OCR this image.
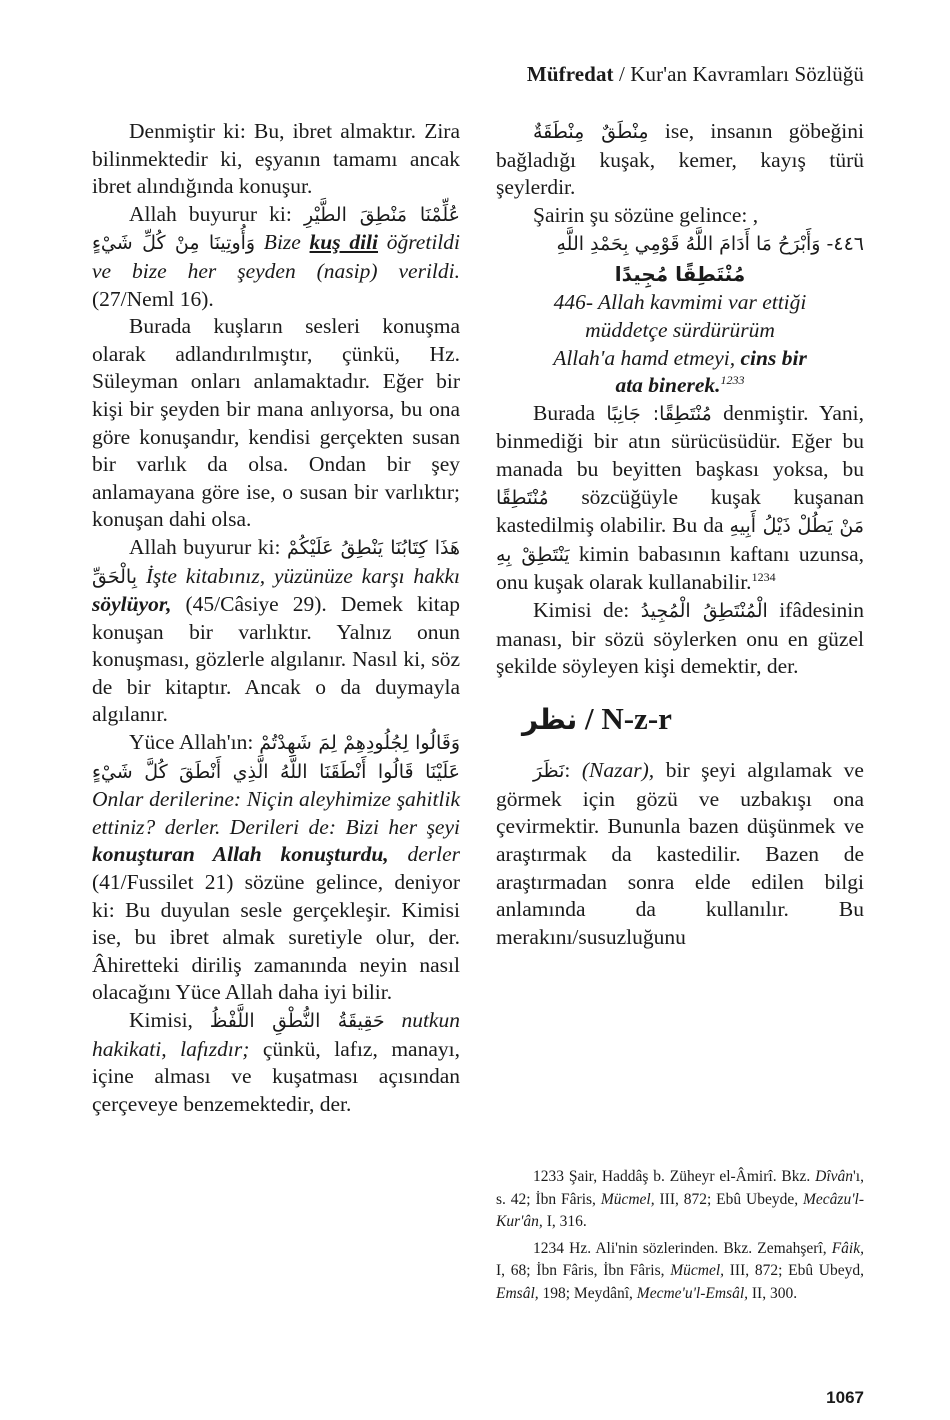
Müfredat / Kur'an Kavramları Sözlüğü

Denmiştir ki: Bu, ibret almaktır. Zira bilinmektedir ki, eşyanın tamamı ancak ibret alındığında konuşur.

Allah buyurur ki: عُلِّمْنَا مَنْطِقَ الطَّيْرِ وَأُوتِينَا مِنْ كُلِّ شَيْءٍ Bize kuş dili öğretildi ve bize her şeyden (nasip) verildi. (27/Neml 16).

Burada kuşların sesleri konuşma olarak adlandırılmıştır, çünkü, Hz. Süleyman onları anlamaktadır. Eğer bir kişi bir şeyden bir mana anlıyorsa, bu ona göre konuşandır, kendisi gerçekten susan bir varlık da olsa. Ondan bir şey anlamayana göre ise, o susan bir varlıktır; konuşan dahi olsa.

Allah buyurur ki: هَذَا كِتَابُنَا يَنْطِقُ عَلَيْكُمْ بِالْحَقِّ İşte kitabınız, yüzünüze karşı hakkı söylüyor, (45/Câsiye 29). Demek kitap konuşan bir varlıktır. Yalnız onun konuşması, gözlerle algılanır. Nasıl ki, söz de bir kitaptır. Ancak o da duymayla algılanır.

Yüce Allah'ın: وَقَالُوا لِجُلُودِهِمْ لِمَ شَهِدْتُمْ عَلَيْنَا قَالُوا أَنْطَقَنَا اللَّهُ الَّذِي أَنْطَقَ كُلَّ شَيْءٍ Onlar derilerine: Niçin aleyhimize şahitlik ettiniz? derler. Derileri de: Bizi her şeyi konuşturan Allah konuşturdu, derler (41/Fussilet 21) sözüne gelince, deniyor ki: Bu duyulan sesle gerçekleşir. Kimisi ise, bu ibret almak suretiyle olur, der. Âhiretteki diriliş zamanında neyin nasıl olacağını Yüce Allah daha iyi bilir.

Kimisi, حَقِيقَةُ النُّطْقِ اللَّفْظُ nutkun hakikati, lafızdır; çünkü, lafız, manayı, içine alması ve kuşatması açısından çerçeveye benzemektedir, der.

مِنْطَقٌ مِنْطَقَةٌ ise, insanın göbeğini bağladığı kuşak, kemer, kayış türü şeylerdir.

Şairin şu sözüne gelince: ,

٤٤٦- وَأَبْرَحُ مَا أَدَامَ اللَّهُ قَوْمِي بِحَمْدِ اللَّهِ
مُنْتَطِقًا مُجِيدًا
446- Allah kavmimi var ettiği
müddetçe sürdürürüm
Allah'a hamd etmeyi, cins bir
ata binerek.$^{1233}$

Burada مُنْتَطِقًا: جَانِبًا denmiştir. Yani, binmediği bir atın sürücüsüdür. Eğer bu manada bu beyitten başkası yoksa, bu مُنْتَطِقًا sözcüğüyle kuşak kuşanan kastedilmiş olabilir. Bu da مَنْ يَطُلْ ذَيْلُ أَبِيهِ يَنْتَطِقْ بِهِ kimin babasının kaftanı uzunsa, onu kuşak olarak kullanabilir.$^{1234}$

Kimisi de: الْمُنْتَطِقُ الْمُجِيدُ ifâdesinin manası, bir sözü söylerken onu en güzel şekilde söyleyen kişi demektir, der.

نظر / N-z-r

نَظَرَ: (Nazar), bir şeyi algılamak ve görmek için gözü ve uzbakışı ona çevirmektir. Bununla bazen düşünmek ve araştırmak da kastedilir. Bazen de araştırmadan sonra elde edilen bilgi anlamında da kullanılır. Bu merakını/susuzluğunu

1233 Şair, Haddâş b. Züheyr el-Âmirî. Bkz. Dîvân'ı, s. 42; İbn Fâris, Mücmel, III, 872; Ebû Ubeyde, Mecâzu'l-Kur'ân, I, 316.

1234 Hz. Ali'nin sözlerinden. Bkz. Zemahşerî, Fâik, I, 68; İbn Fâris, İbn Fâris, Mücmel, III, 872; Ebû Ubeyd, Emsâl, 198; Meydânî, Mecme'u'l-Emsâl, II, 300.

1067
